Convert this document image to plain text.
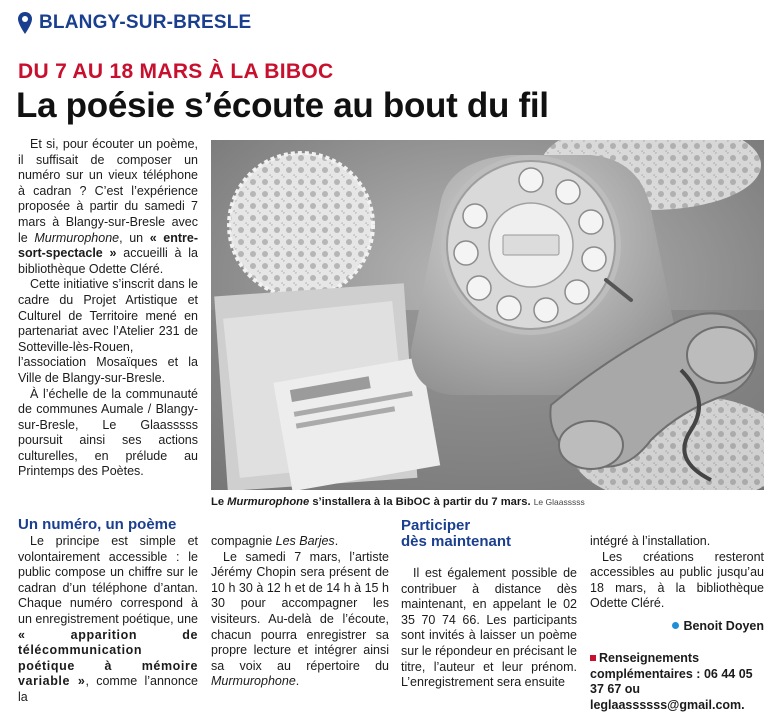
BLANGY-SUR-BRESLE
DU 7 AU 18 MARS À LA BIBOC
La poésie s’écoute au bout du fil

Et si, pour écouter un poème, il suffisait de composer un numéro sur un vieux téléphone à cadran ? C’est l’expérience proposée à partir du samedi 7 mars à Blangy-sur-Bresle avec le Murmurophone, un « entre-sort-spectacle » accueilli à la bibliothèque Odette Cléré.

Cette initiative s’inscrit dans le cadre du Projet Artistique et Culturel de Territoire mené en partenariat avec l’Atelier 231 de Sotteville-lès-Rouen, l’association Mosaïques et la Ville de Blangy-sur-Bresle.

À l’échelle de la communauté de communes Aumale / Blangy-sur-Bresle, Le Glaasssss poursuit ainsi ses actions culturelles, en prélude au Printemps des Poètes.

Le Murmurophone s’installera à la BibOC à partir du 7 mars. Le Glaasssss
Un numéro, un poème

Le principe est simple et volontairement accessible : le public compose un chiffre sur le cadran d’un téléphone d’antan. Chaque numéro correspond à un enregistrement poétique, une « apparition de télécommunication poétique à mémoire variable », comme l’annonce la

compagnie Les Barjes.

Le samedi 7 mars, l’artiste Jérémy Chopin sera présent de 10 h 30 à 12 h et de 14 h à 15 h 30 pour accompagner les visiteurs. Au-delà de l’écoute, chacun pourra enregistrer sa propre lecture et intégrer ainsi sa voix au répertoire du Murmurophone.

Participer
dès maintenant

Il est également possible de contribuer à distance dès maintenant, en appelant le 02 35 70 74 66. Les participants sont invités à laisser un poème sur le répondeur en précisant le titre, l’auteur et leur prénom. L’enregistrement sera ensuite

intégré à l’installation.

Les créations resteront accessibles au public jusqu’au 18 mars, à la bibliothèque Odette Cléré.

Benoit Doyen
Renseignements complémentaires : 06 44 05 37 67 ou leglaassssss@gmail.com.
